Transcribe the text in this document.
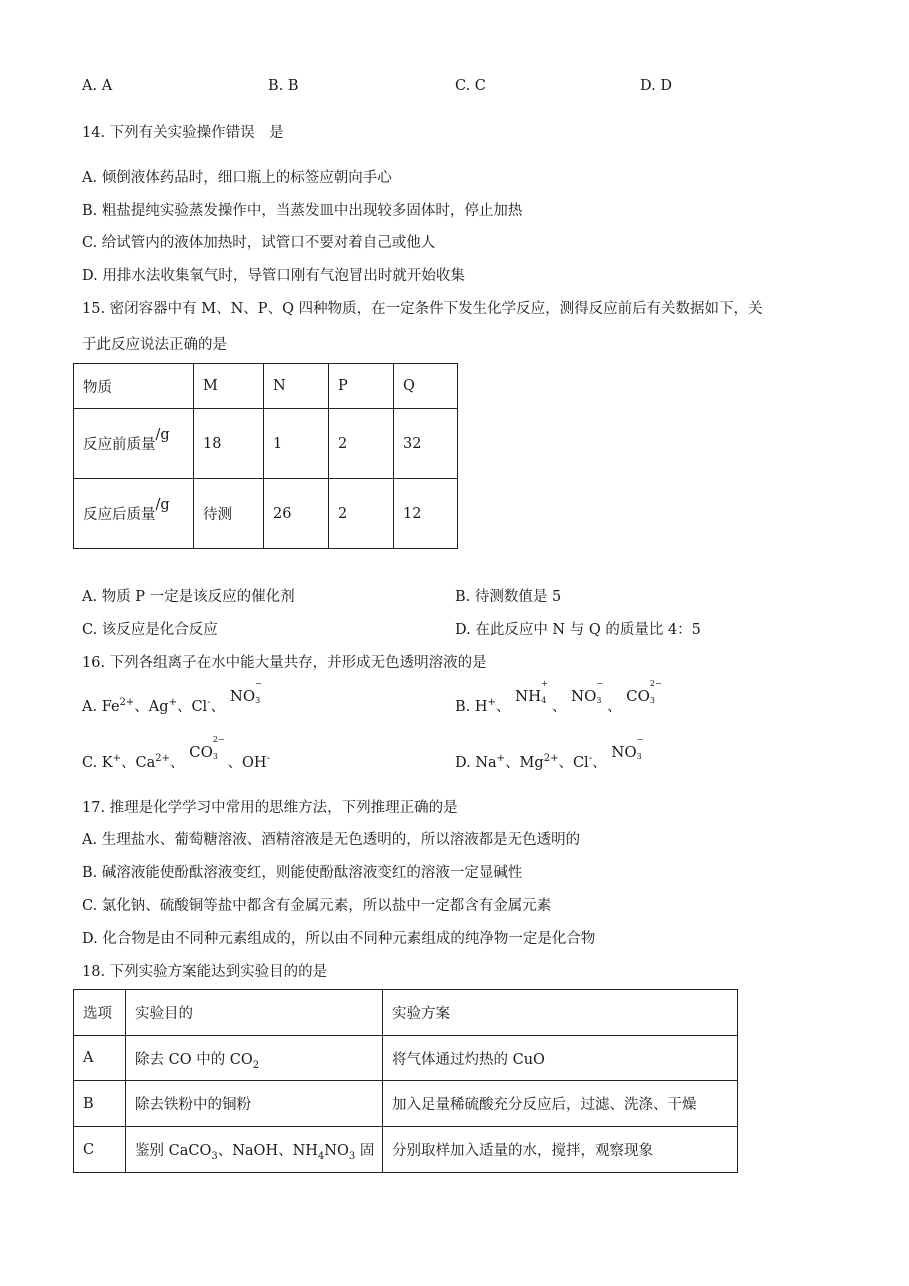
A. A	B. B	C. C	D. D
14. 下列有关实验操作错误　是
A. 倾倒液体药品时，细口瓶上的标签应朝向手心
B. 粗盐提纯实验蒸发操作中，当蒸发皿中出现较多固体时，停止加热
C. 给试管内的液体加热时，试管口不要对着自己或他人
D. 用排水法收集氧气时，导管口刚有气泡冒出时就开始收集
15. 密闭容器中有 M、N、P、Q 四种物质，在一定条件下发生化学反应，测得反应前后有关数据如下，关
于此反应说法正确的是
物质	M	N	P	Q
反应前质量/g	18	1	2	32
反应后质量/g	待测	26	2	12
A. 物质 P 一定是该反应的催化剂	B. 待测数值是 5
C. 该反应是化合反应	D. 在此反应中 N 与 Q 的质量比 4：5
16. 下列各组离子在水中能大量共存，并形成无色透明溶液的是
A. $Fe^{2+}$、Ag+、Cl-、 NO
−
3	B. H+、 NH
+
4 、 NO
−
3 、 CO
2−
3
C. K+、$Ca^{2+}$、 CO
2−
3 、OH-	D. Na+、$Mg^{2+}$、Cl-、 NO
−
3
17. 推理是化学学习中常用的思维方法，下列推理正确的是
A. 生理盐水、葡萄糖溶液、酒精溶液是无色透明的，所以溶液都是无色透明的
B. 碱溶液能使酚酞溶液变红，则能使酚酞溶液变红的溶液一定显碱性
C. 氯化钠、硫酸铜等盐中都含有金属元素，所以盐中一定都含有金属元素
D. 化合物是由不同种元素组成的，所以由不同种元素组成的纯净物一定是化合物
18. 下列实验方案能达到实验目的的是
选项	实验目的	实验方案
A	除去 CO 中的 $CO_2$	将气体通过灼热的 CuO
B	除去铁粉中的铜粉	加入足量稀硫酸充分反应后，过滤、洗涤、干燥
C	鉴别 CaCO$_3$、NaOH、$NH_4NO_3$ 固	分别取样加入适量的水，搅拌，观察现象
